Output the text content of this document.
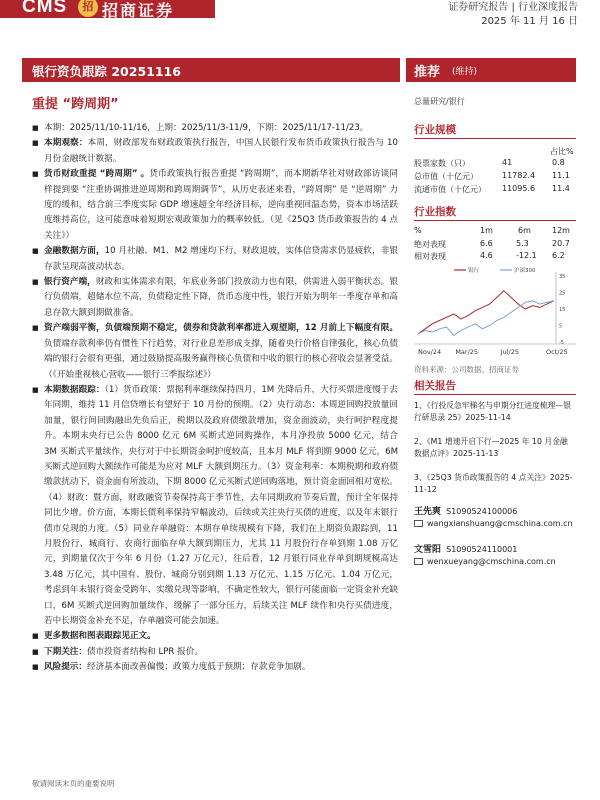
CMS	招 招商证券	证券研究报告 | 行业深度报告
2025 年 11 月 16 日
银行资负跟踪 20251116	推荐 (维持)
重提 “跨周期”
■ 本期：2025/11/10-11/16，上期：2025/11/3-11/9，下期：2025/11/17-11/23。
■ 本期观察：本周，财政部发布财政政策执行报告，中国人民银行发布货币政策执行报告与 10 月份金融统计数据。
■ 货币财政重提 “跨周期” 。货币政策执行报告重提 “跨周期”，而本期新华社对财政部访谈同样提到要 “注重协调推进逆周期和跨周期调节”，从历史表述来看，“跨周期” 是 “逆周期” 力度的缓和，结合前三季度实际 GDP 增速超全年经济目标，逆向重视回温态势，资本市场活跃度维持高位，这可能意味着短期宏观政策加力的概率较低。（见《25Q3 货币政策报告的 4 点关注》）
■ 金融数据方面，10 月社融、M1、M2 增速均下行，财政退坡，实体信贷需求仍显疲软，非银存款呈现高波动状态。
■ 银行资产端，财政和实体需求有限，年底业务部门投放动力也有限，供需进入弱平衡状态。银行负债端，超储水位不高，负债稳定性下降，货币态度中性，银行开始为明年一季度存单和高息存款大额到期做准备。
■ 资产端弱平衡，负债端预期不稳定，债券和贷款利率都进入观望期，12 月前上下幅度有限。负债端存款利率仍有惯性下行趋势，对行业息差形成支撑，随着央行价格自律强化，核心负债端的银行会很有更强，通过鼓励提高服务赢得核心负债和中收的银行的核心营收会显著受益。（《开始重视核心营收——银行三季报综述》）
■ 本期数据跟踪：（1）货币政策：票据利率继续保持四月，1M 先降后升，大行买票进度慢于去年同期，维持 11 月信贷增长有望好于 10 月份的预期。（2）央行动态：本周逆回购投放量回加量，银行间回购融出先负后正，税期以及政府债缴款增加，资金面波动，央行呵护程度提升。本期末央行已公告 8000 亿元 6M 买断式逆回购操作，本月净投放 5000 亿元，结合 3M 买断式平量续作，央行对于中长期资金呵护度较高，且本月 MLF 将到期 9000 亿元，6M 买断式逆回购大额续作可能是为应对 MLF 大额到期压力。（3）资金利率：本期税期和政府债缴款扰动下，资金面有所波动，下期 8000 亿元买断式逆回购落地，预计资金面回相对宽松。（4）财政：暨方面，财政融资节奏保持高于季节性，去年同期政府节奏后置，预计全年保持同比少增。价方面，本期长债利率保持窄幅波动，后续或关注央行买债的进度，以及年末银行债市兑现的力度。（5）同业存单融资：本期存单续规模有下降，我们在上期资负跟踪到，11 月股份行、城商行、农商行面临存单大额到期压力，尤其 11 月股份行存单到期 1.08 万亿元，到期量仅次于今年 6 月份（1.27 万亿元），往后看，12 月银行同业存单到期规模高达 3.48 万亿元，其中国有、股份、城商分别到期 1.13 万亿元、1.15 万亿元、1.04 万亿元，考虑到年末银行资金受跨年、实缴兑现等影响，不确定性较大，银行可能面临一定资金补充缺口，6M 买断式逆回购加量续作，缓解了一部分压力，后续关注 MLF 续作和央行买债进度，若中长期资金补充不足，存单融资可能会加速。
■ 更多数据和图表跟踪见正文。
■ 下期关注：债市投资者结构和 LPR 报价。
■ 风险提示：经济基本面改善偏慢；政策力度低于预期；存款竞争加剧。
总量研究/银行
行业规模
占比%
股票家数（只）	41	0.8
总市值（十亿元）	11782.4 11.1
流通市值（十亿元） 11095.6 11.4
行业指数
%	1m	6m	12m
绝对表现	6.6	5.3	20.7
相对表现	4.6	-12.1 6.2
-5
5
15
25
35
Nov/24 Mar/25	Jul/25	Oct/25
银行	沪深300
资料来源：公司数据、招商证券
相关报告
1、《行投反急牢梯名与申期分红进度梳理—银行研思录 25》2025-11-14
2、《M1 增速开启下行—2025 年 10 月金融数据点评》2025-11-13
3、《25Q3 货币政策报告的 4 点关注》2025-11-12
王先爽 S1090524100006
wangxianshuang@cmschina.com.cn
文雪阳 S1090524110001
wenxueyang@cmschina.com.cn
敬请阅读末页的重要说明
